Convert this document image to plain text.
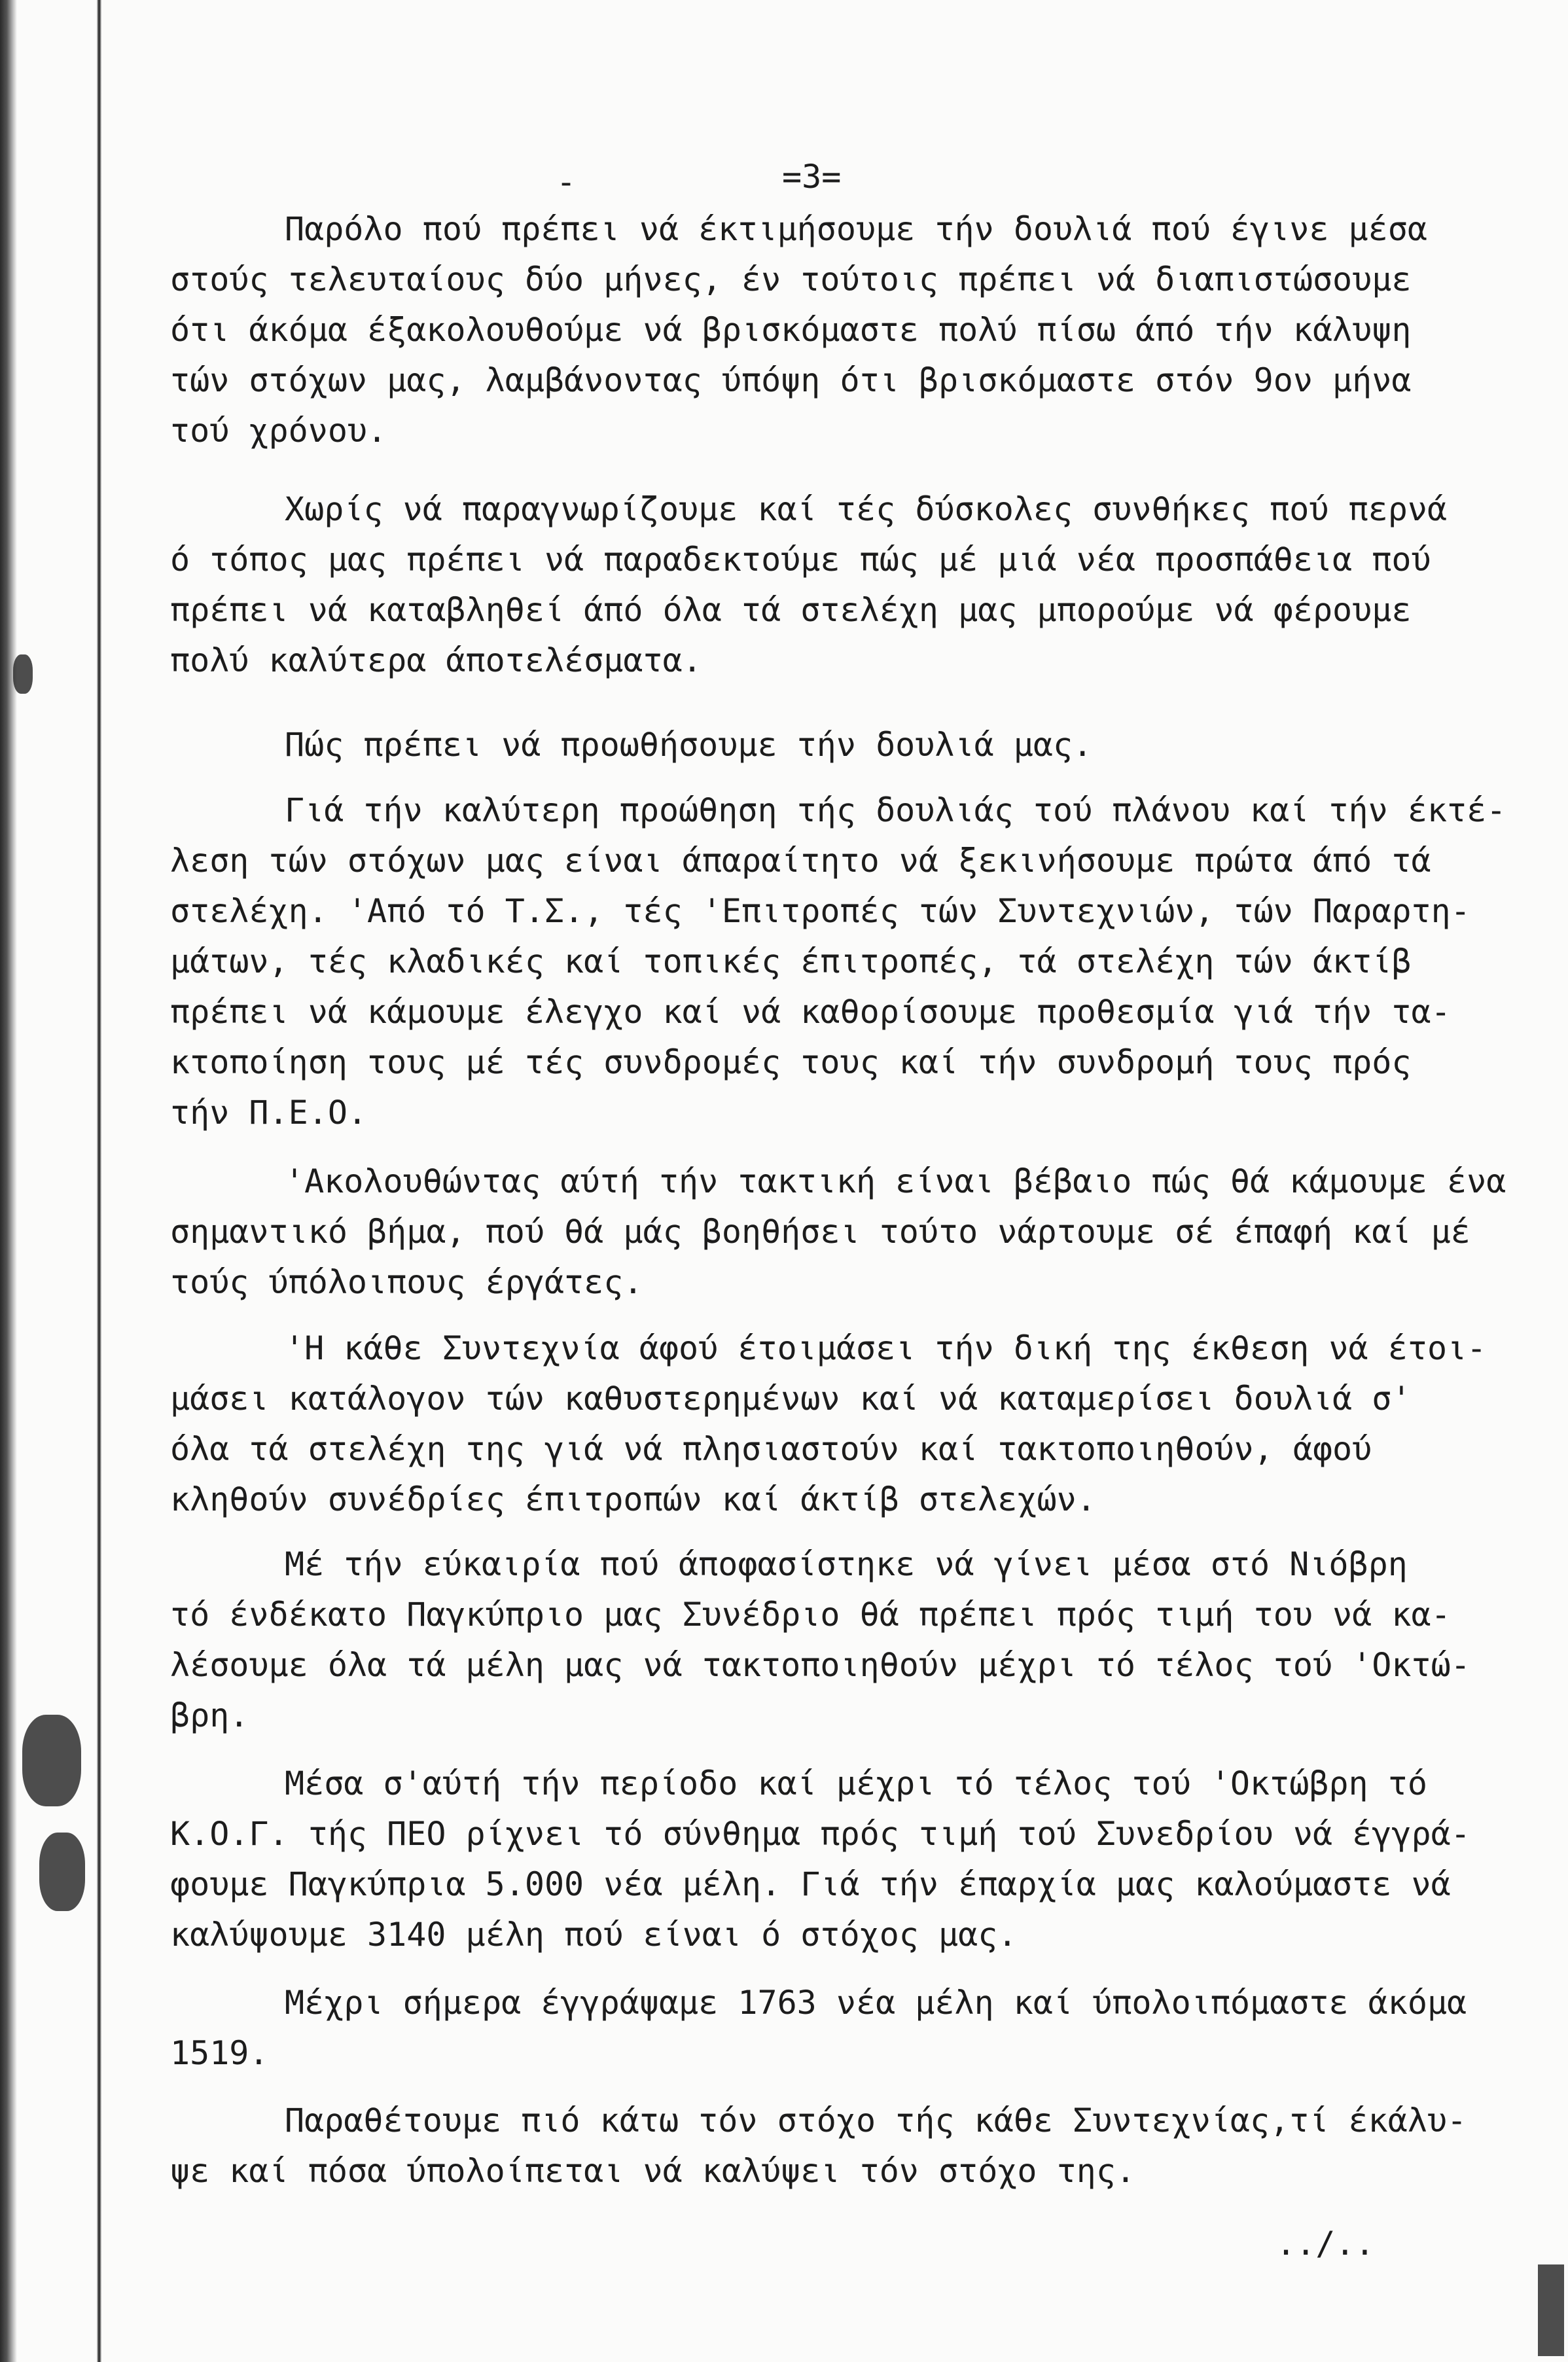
-	=3=
Παρόλο πού πρέπει νά έκτιμήσουμε τήν δουλιά πού έγινε μέσα
στούς τελευταίους δύο μήνες, έν τούτοις πρέπει νά διαπιστώσουμε
ότι άκόμα έξακολουθούμε νά βρισκόμαστε πολύ πίσω άπό τήν κάλυψη
τών στόχων μας, λαμβάνοντας ύπόψη ότι βρισκόμαστε στόν 9ον μήνα
τού χρόνου.
Χωρίς νά παραγνωρίζουμε καί τές δύσκολες συνθήκες πού περνά
ό τόπος μας πρέπει νά παραδεκτούμε πώς μέ μιά νέα προσπάθεια πού
πρέπει νά καταβληθεί άπό όλα τά στελέχη μας μπορούμε νά φέρουμε
πολύ καλύτερα άποτελέσματα.
Πώς πρέπει νά προωθήσουμε τήν δουλιά μας.
Γιά τήν καλύτερη προώθηση τής δουλιάς τού πλάνου καί τήν έκτέ-
λεση τών στόχων μας είναι άπαραίτητο νά ξεκινήσουμε πρώτα άπό τά
στελέχη. 'Από τό Τ.Σ., τές 'Επιτροπές τών Συντεχνιών, τών Παραρτη-
μάτων, τές κλαδικές καί τοπικές έπιτροπές, τά στελέχη τών άκτίβ
πρέπει νά κάμουμε έλεγχο καί νά καθορίσουμε προθεσμία γιά τήν τα-
κτοποίηση τους μέ τές συνδρομές τους καί τήν συνδρομή τους πρός
τήν Π.Ε.Ο.
'Ακολουθώντας αύτή τήν τακτική είναι βέβαιο πώς θά κάμουμε ένα
σημαντικό βήμα, πού θά μάς βοηθήσει τούτο νάρτουμε σέ έπαφή καί μέ
τούς ύπόλοιπους έργάτες.
'Η κάθε Συντεχνία άφού έτοιμάσει τήν δική της έκθεση νά έτοι-
μάσει κατάλογον τών καθυστερημένων καί νά καταμερίσει δουλιά σ'
όλα τά στελέχη της γιά νά πλησιαστούν καί τακτοποιηθούν, άφού
κληθούν συνέδρίες έπιτροπών καί άκτίβ στελεχών.
Μέ τήν εύκαιρία πού άποφασίστηκε νά γίνει μέσα στό Νιόβρη
τό ένδέκατο Παγκύπριο μας Συνέδριο θά πρέπει πρός τιμή του νά κα-
λέσουμε όλα τά μέλη μας νά τακτοποιηθούν μέχρι τό τέλος τού 'Οκτώ-
βρη.
Μέσα σ'αύτή τήν περίοδο καί μέχρι τό τέλος τού 'Οκτώβρη τό
Κ.Ο.Γ. τής ΠΕΟ ρίχνει τό σύνθημα πρός τιμή τού Συνεδρίου νά έγγρά-
φουμε Παγκύπρια 5.000 νέα μέλη. Γιά τήν έπαρχία μας καλούμαστε νά
καλύψουμε 3140 μέλη πού είναι ό στόχος μας.
Μέχρι σήμερα έγγράψαμε 1763 νέα μέλη καί ύπολοιπόμαστε άκόμα
1519.
Παραθέτουμε πιό κάτω τόν στόχο τής κάθε Συντεχνίας,τί έκάλυ-
ψε καί πόσα ύπολοίπεται νά καλύψει τόν στόχο της.
../..
